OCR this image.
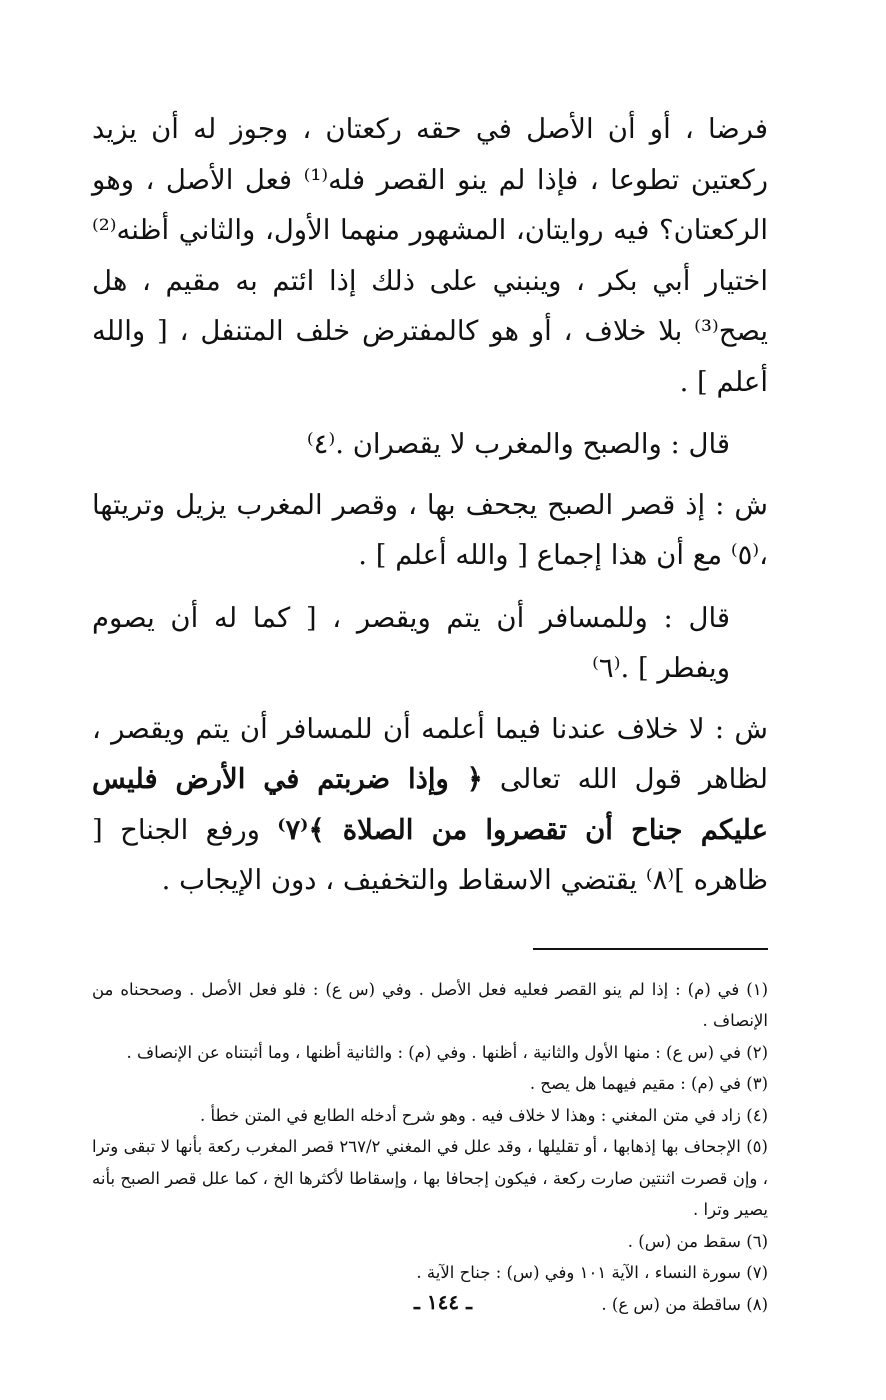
فرضا ، أو أن الأصل في حقه ركعتان ، وجوز له أن يزيد ركعتين تطوعا ، فإذا لم ينو القصر فله⁽¹⁾ فعل الأصل ، وهو الركعتان؟ فيه روايتان، المشهور منهما الأول، والثاني أظنه⁽²⁾ اختيار أبي بكر ، وينبني على ذلك إذا ائتم به مقيم ، هل يصح⁽³⁾ بلا خلاف ، أو هو كالمفترض خلف المتنفل ، [ والله أعلم ] .

قال : والصبح والمغرب لا يقصران .⁽٤⁾

ش : إذ قصر الصبح يجحف بها ، وقصر المغرب يزيل وتريتها ،⁽٥⁾ مع أن هذا إجماع [ والله أعلم ] .

قال : وللمسافر أن يتم ويقصر ، [ كما له أن يصوم ويفطر ] .⁽٦⁾

ش : لا خلاف عندنا فيما أعلمه أن للمسافر أن يتم ويقصر ، لظاهر قول الله تعالى ﴿ وإذا ضربتم في الأرض فليس عليكم جناح أن تقصروا من الصلاة ﴾⁽٧⁾ ورفع الجناح [ ظاهره ]⁽٨⁾ يقتضي الاسقاط والتخفيف ، دون الإيجاب .

(١) في (م) : إذا لم ينو القصر فعليه فعل الأصل . وفي (س ع) : فلو فعل الأصل . وصححناه من الإنصاف .

(٢) في (س ع) : منها الأول والثانية ، أظنها . وفي (م) : والثانية أظنها ، وما أثبتناه عن الإنصاف .

(٣) في (م) : مقيم فيهما هل يصح .

(٤) زاد في متن المغني : وهذا لا خلاف فيه . وهو شرح أدخله الطابع في المتن خطأ .

(٥) الإجحاف بها إذهابها ، أو تقليلها ، وقد علل في المغني ٢٦٧/٢ قصر المغرب ركعة بأنها لا تبقى وترا ، وإن قصرت اثنتين صارت ركعة ، فيكون إجحافا بها ، وإسقاطا لأكثرها الخ ، كما علل قصر الصبح بأنه يصير وترا .

(٦) سقط من (س) .

(٧) سورة النساء ، الآية ١٠١ وفي (س) : جناح الآية .

(٨) ساقطة من (س ع) .

ـ ١٤٤ ـ
